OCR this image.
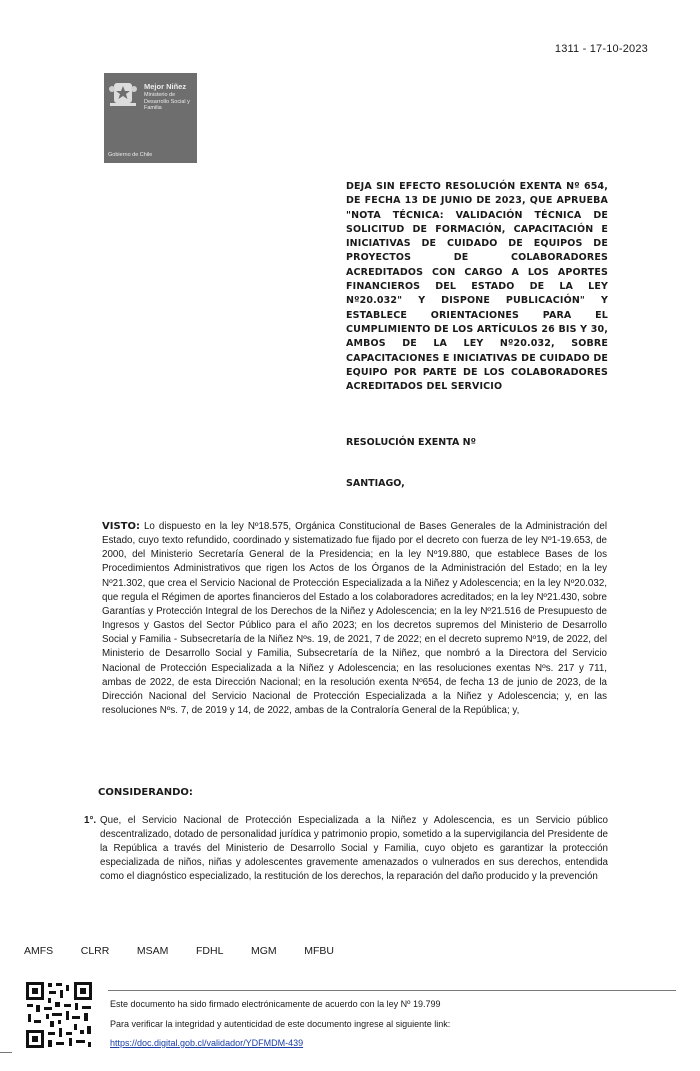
1311 - 17-10-2023
Mejor Niñez
Ministerio de Desarrollo Social y Familia
Gobierno de Chile
DEJA SIN EFECTO RESOLUCIÓN EXENTA Nº 654, DE FECHA 13 DE JUNIO DE 2023, QUE APRUEBA "NOTA TÉCNICA: VALIDACIÓN TÉCNICA DE SOLICITUD DE FORMACIÓN, CAPACITACIÓN E INICIATIVAS DE CUIDADO DE EQUIPOS DE PROYECTOS DE COLABORADORES ACREDITADOS CON CARGO A LOS APORTES FINANCIEROS DEL ESTADO DE LA LEY Nº20.032" Y DISPONE PUBLICACIÓN" Y ESTABLECE ORIENTACIONES PARA EL CUMPLIMIENTO DE LOS ARTÍCULOS 26 BIS Y 30, AMBOS DE LA LEY Nº20.032, SOBRE CAPACITACIONES E INICIATIVAS DE CUIDADO DE EQUIPO POR PARTE DE LOS COLABORADORES ACREDITADOS DEL SERVICIO
RESOLUCIÓN EXENTA Nº
SANTIAGO,
VISTO: Lo dispuesto en la ley Nº18.575, Orgánica Constitucional de Bases Generales de la Administración del Estado, cuyo texto refundido, coordinado y sistematizado fue fijado por el decreto con fuerza de ley Nº1-19.653, de 2000, del Ministerio Secretaría General de la Presidencia; en la ley Nº19.880, que establece Bases de los Procedimientos Administrativos que rigen los Actos de los Órganos de la Administración del Estado; en la ley Nº21.302, que crea el Servicio Nacional de Protección Especializada a la Niñez y Adolescencia; en la ley Nº20.032, que regula el Régimen de aportes financieros del Estado a los colaboradores acreditados; en la ley Nº21.430, sobre Garantías y Protección Integral de los Derechos de la Niñez y Adolescencia; en la ley Nº21.516 de Presupuesto de Ingresos y Gastos del Sector Público para el año 2023; en los decretos supremos del Ministerio de Desarrollo Social y Familia - Subsecretaría de la Niñez Nºs. 19, de 2021, 7 de 2022; en el decreto supremo Nº19, de 2022, del Ministerio de Desarrollo Social y Familia, Subsecretaría de la Niñez, que nombró a la Directora del Servicio Nacional de Protección Especializada a la Niñez y Adolescencia; en las resoluciones exentas Nºs. 217 y 711, ambas de 2022, de esta Dirección Nacional; en la resolución exenta Nº654, de fecha 13 de junio de 2023, de la Dirección Nacional del Servicio Nacional de Protección Especializada a la Niñez y Adolescencia; y, en las resoluciones Nºs. 7, de 2019 y 14, de 2022, ambas de la Contraloría General de la República; y,
CONSIDERANDO:
1°. Que, el Servicio Nacional de Protección Especializada a la Niñez y Adolescencia, es un Servicio público descentralizado, dotado de personalidad jurídica y patrimonio propio, sometido a la supervigilancia del Presidente de la República a través del Ministerio de Desarrollo Social y Familia, cuyo objeto es garantizar la protección especializada de niños, niñas y adolescentes gravemente amenazados o vulnerados en sus derechos, entendida como el diagnóstico especializado, la restitución de los derechos, la reparación del daño producido y la prevención
AMFS	CLRR	MSAM	FDHL	MGM	MFBU
Este documento ha sido firmado electrónicamente de acuerdo con la ley Nº 19.799
Para verificar la integridad y autenticidad de este documento ingrese al siguiente link:
https://doc.digital.gob.cl/validador/YDFMDM-439
